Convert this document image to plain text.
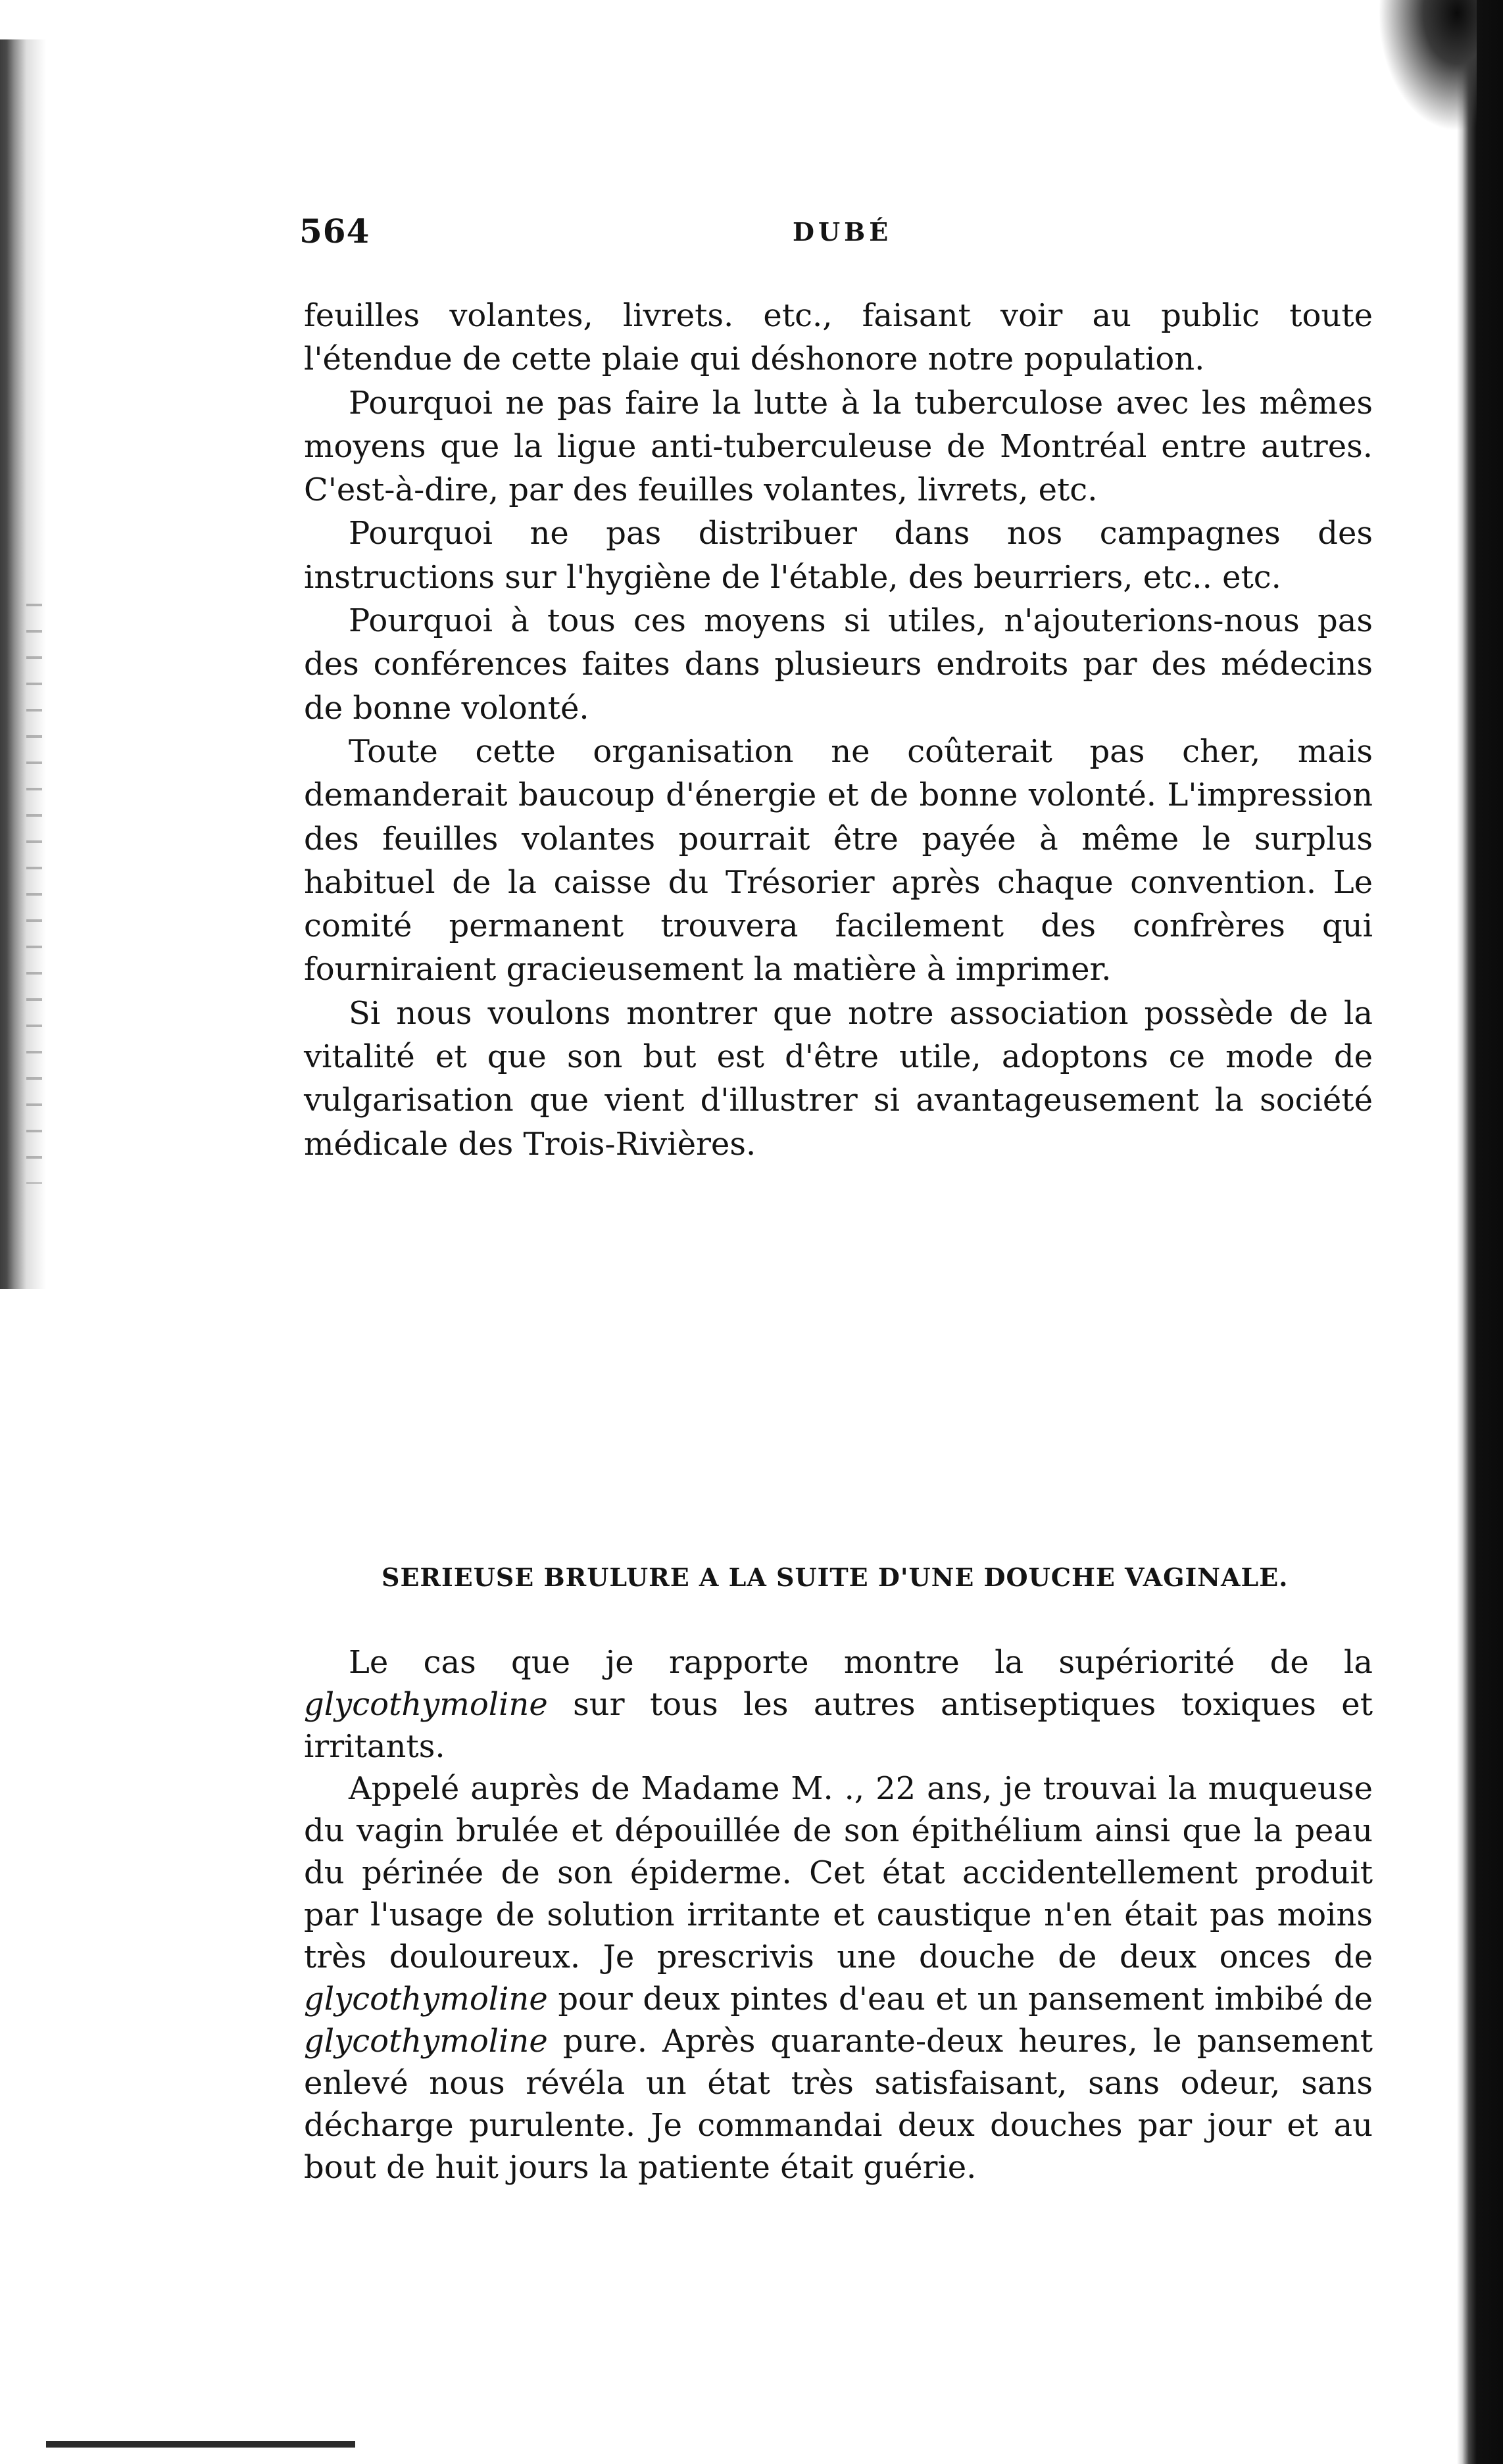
564	DUBÉ

feuilles volantes, livrets. etc., faisant voir au public toute l'étendue de cette plaie qui déshonore notre population.

Pourquoi ne pas faire la lutte à la tuberculose avec les mêmes moyens que la ligue anti-tuberculeuse de Montréal entre autres. C'est-à-dire, par des feuilles volantes, livrets, etc.

Pourquoi ne pas distribuer dans nos campagnes des instructions sur l'hygiène de l'étable, des beurriers, etc.. etc.

Pourquoi à tous ces moyens si utiles, n'ajouterions-nous pas des conférences faites dans plusieurs endroits par des médecins de bonne volonté.

Toute cette organisation ne coûterait pas cher, mais demanderait baucoup d'énergie et de bonne volonté. L'impression des feuilles volantes pourrait être payée à même le surplus habituel de la caisse du Trésorier après chaque convention. Le comité permanent trouvera facilement des confrères qui fourniraient gracieusement la matière à imprimer.

Si nous voulons montrer que notre association possède de la vitalité et que son but est d'être utile, adoptons ce mode de vulgarisation que vient d'illustrer si avantageusement la société médicale des Trois-Rivières.

SERIEUSE BRULURE A LA SUITE D'UNE DOUCHE VAGINALE.

Le cas que je rapporte montre la supériorité de la glycothymoline sur tous les autres antiseptiques toxiques et irritants.

Appelé auprès de Madame M. ., 22 ans, je trouvai la muqueuse du vagin brulée et dépouillée de son épithélium ainsi que la peau du périnée de son épiderme. Cet état accidentellement produit par l'usage de solution irritante et caustique n'en était pas moins très douloureux. Je prescrivis une douche de deux onces de glycothymoline pour deux pintes d'eau et un pansement imbibé de glycothymoline pure. Après quarante-deux heures, le pansement enlevé nous révéla un état très satisfaisant, sans odeur, sans décharge purulente. Je commandai deux douches par jour et au bout de huit jours la patiente était guérie.
